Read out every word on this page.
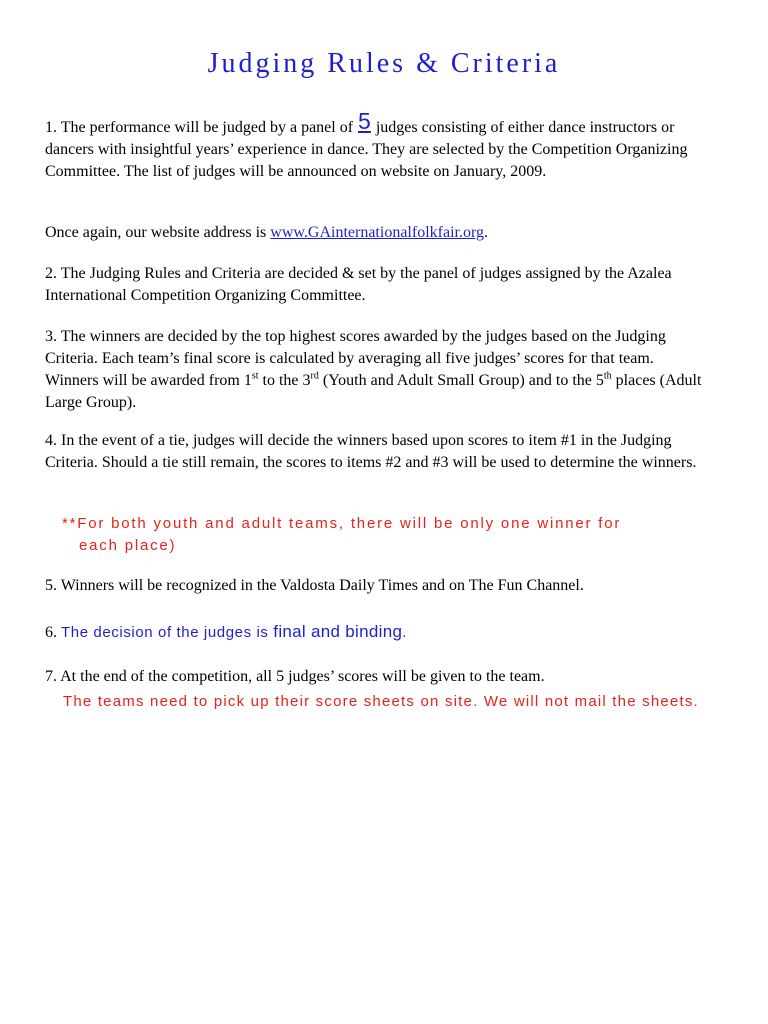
Judging Rules & Criteria

1. The performance will be judged by a panel of 5 judges consisting of either dance instructors or dancers with insightful years’ experience in dance. They are selected by the Competition Organizing Committee. The list of judges will be announced on website on January, 2009.

Once again, our website address is www.GAinternationalfolkfair.org.

2. The Judging Rules and Criteria are decided & set by the panel of judges assigned by the Azalea International Competition Organizing Committee.

3. The winners are decided by the top highest scores awarded by the judges based on the Judging Criteria. Each team’s final score is calculated by averaging all five judges’ scores for that team. Winners will be awarded from 1st to the 3rd (Youth and Adult Small Group) and to the 5th places (Adult Large Group).

4. In the event of a tie, judges will decide the winners based upon scores to item #1 in the Judging Criteria. Should a tie still remain, the scores to items #2 and #3 will be used to determine the winners.

**For both youth and adult teams, there will be only one winner for
each place)

5. Winners will be recognized in the Valdosta Daily Times and on The Fun Channel.

6. The decision of the judges is final and binding.

7. At the end of the competition, all 5 judges’ scores will be given to the team.

The teams need to pick up their score sheets on site. We will not mail the sheets.
